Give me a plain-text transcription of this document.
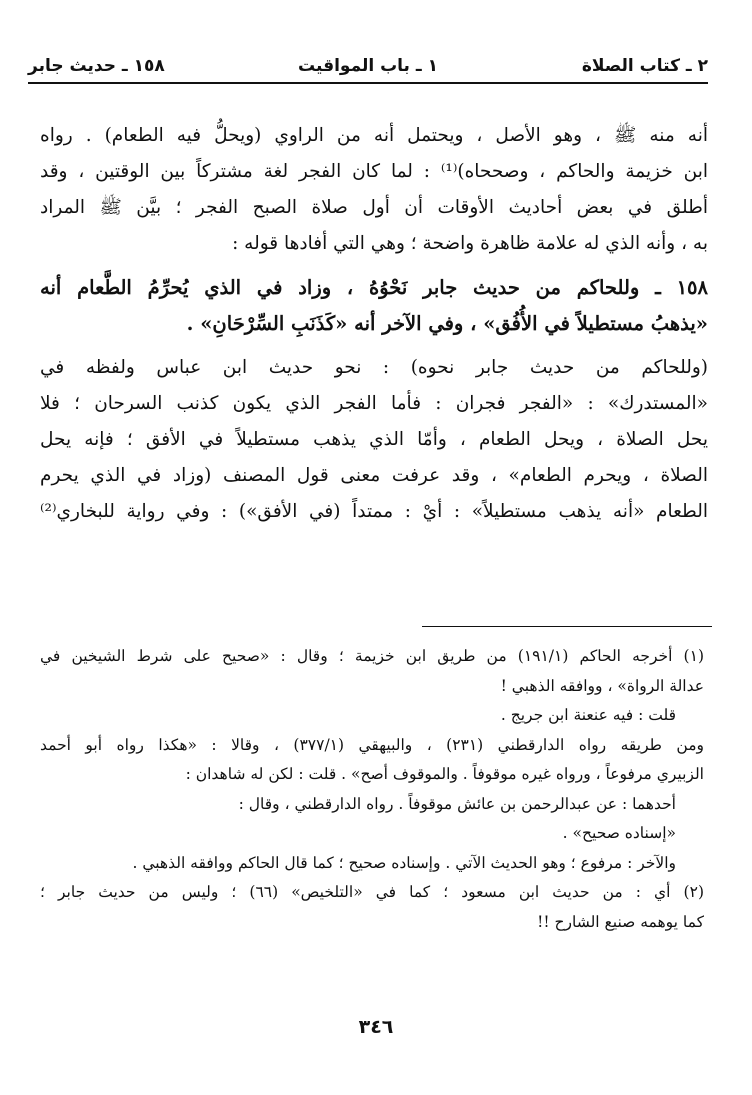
٢ ـ كتاب الصلاة
١ ـ باب المواقيت
١٥٨ ـ حديث جابر

أنه منه ﷺ ، وهو الأصل ، ويحتمل أنه من الراوي (ويحلُّ فيه الطعام) . رواه
ابن خزيمة والحاكم ، وصححاه)⁽¹⁾ : لما كان الفجر لغة مشتركاً بين الوقتين ، وقد
أطلق في بعض أحاديث الأوقات أن أول صلاة الصبح الفجر ؛ بيَّن ﷺ المراد
به ، وأنه الذي له علامة ظاهرة واضحة ؛ وهي التي أفادها قوله :

١٥٨ ـ وللحاكم من حديث جابر نَحْوُهُ ، وزاد في الذي يُحرِّمُ الطَّعام أنه
«يذهبُ مستطيلاً في الأُفُق» ، وفي الآخر أنه «كَذَنَبِ السِّرْحَانِ» .

(وللحاكم من حديث جابر نحوه) : نحو حديث ابن عباس ولفظه في
«المستدرك» : «الفجر فجران : فأما الفجر الذي يكون كذنب السرحان ؛ فلا
يحل الصلاة ، ويحل الطعام ، وأمّا الذي يذهب مستطيلاً في الأفق ؛ فإنه يحل
الصلاة ، ويحرم الطعام» ، وقد عرفت معنى قول المصنف (وزاد في الذي يحرم
الطعام «أنه يذهب مستطيلاً» : أيْ : ممتداً (في الأفق») : وفي رواية للبخاري⁽²⁾

(١) أخرجه الحاكم (١٩١/١) من طريق ابن خزيمة ؛ وقال : «صحيح على شرط الشيخين في
عدالة الرواة» ، ووافقه الذهبي !
قلت : فيه عنعنة ابن جريج .
ومن طريقه رواه الدارقطني (٢٣١) ، والبيهقي (٣٧٧/١) ، وقالا : «هكذا رواه أبو أحمد
الزبيري مرفوعاً ، ورواه غيره موقوفاً . والموقوف أصح» . قلت : لكن له شاهدان :
أحدهما : عن عبدالرحمن بن عائش موقوفاً . رواه الدارقطني ، وقال :
«إسناده صحيح» .
والآخر : مرفوع ؛ وهو الحديث الآتي . وإسناده صحيح ؛ كما قال الحاكم ووافقه الذهبي .

(٢) أي : من حديث ابن مسعود ؛ كما في «التلخيص» (٦٦) ؛ وليس من حديث جابر ؛
كما يوهمه صنيع الشارح !!

٣٤٦
